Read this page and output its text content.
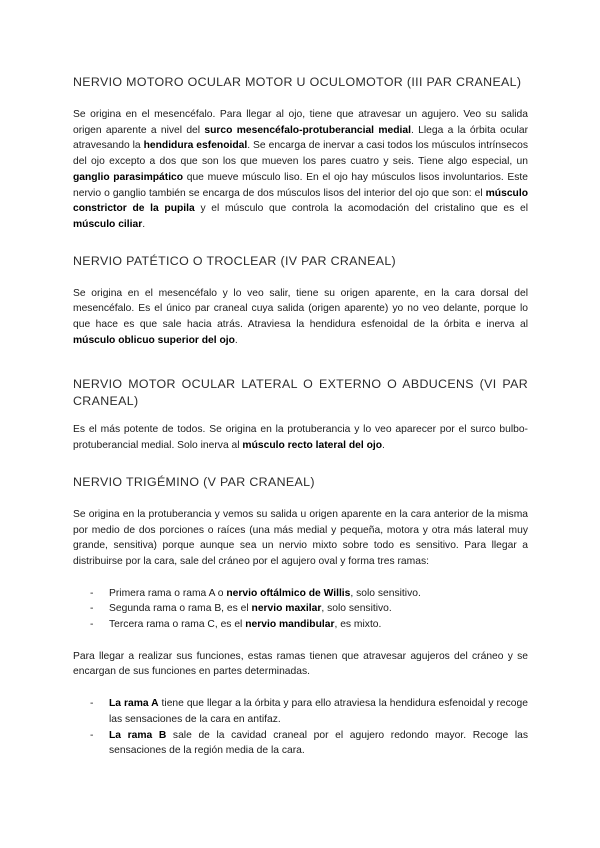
NERVIO MOTORO OCULAR MOTOR U OCULOMOTOR (III PAR CRANEAL)

Se origina en el mesencéfalo. Para llegar al ojo, tiene que atravesar un agujero. Veo su salida origen aparente a nivel del surco mesencéfalo-protuberancial medial. Llega a la órbita ocular atravesando la hendidura esfenoidal. Se encarga de inervar a casi todos los músculos intrínsecos del ojo excepto a dos que son los que mueven los pares cuatro y seis. Tiene algo especial, un ganglio parasimpático que mueve músculo liso. En el ojo hay músculos lisos involuntarios. Este nervio o ganglio también se encarga de dos músculos lisos del interior del ojo que son: el músculo constrictor de la pupila y el músculo que controla la acomodación del cristalino que es el músculo ciliar.

NERVIO PATÉTICO O TROCLEAR (IV PAR CRANEAL)

Se origina en el mesencéfalo y lo veo salir, tiene su origen aparente, en la cara dorsal del mesencéfalo. Es el único par craneal cuya salida (origen aparente) yo no veo delante, porque lo que hace es que sale hacia atrás. Atraviesa la hendidura esfenoidal de la órbita e inerva al músculo oblicuo superior del ojo.

NERVIO MOTOR OCULAR LATERAL O EXTERNO O ABDUCENS (VI PAR CRANEAL)

Es el más potente de todos. Se origina en la protuberancia y lo veo aparecer por el surco bulbo-protuberancial medial. Solo inerva al músculo recto lateral del ojo.

NERVIO TRIGÉMINO (V PAR CRANEAL)

Se origina en la protuberancia y vemos su salida u origen aparente en la cara anterior de la misma por medio de dos porciones o raíces (una más medial y pequeña, motora y otra más lateral muy grande, sensitiva) porque aunque sea un nervio mixto sobre todo es sensitivo. Para llegar a distribuirse por la cara, sale del cráneo por el agujero oval y forma tres ramas:

- Primera rama o rama A o nervio oftálmico de Willis, solo sensitivo.
- Segunda rama o rama B, es el nervio maxilar, solo sensitivo.
- Tercera rama o rama C, es el nervio mandibular, es mixto.

Para llegar a realizar sus funciones, estas ramas tienen que atravesar agujeros del cráneo y se encargan de sus funciones en partes determinadas.

- La rama A tiene que llegar a la órbita y para ello atraviesa la hendidura esfenoidal y recoge las sensaciones de la cara en antifaz.
- La rama B sale de la cavidad craneal por el agujero redondo mayor. Recoge las sensaciones de la región media de la cara.
